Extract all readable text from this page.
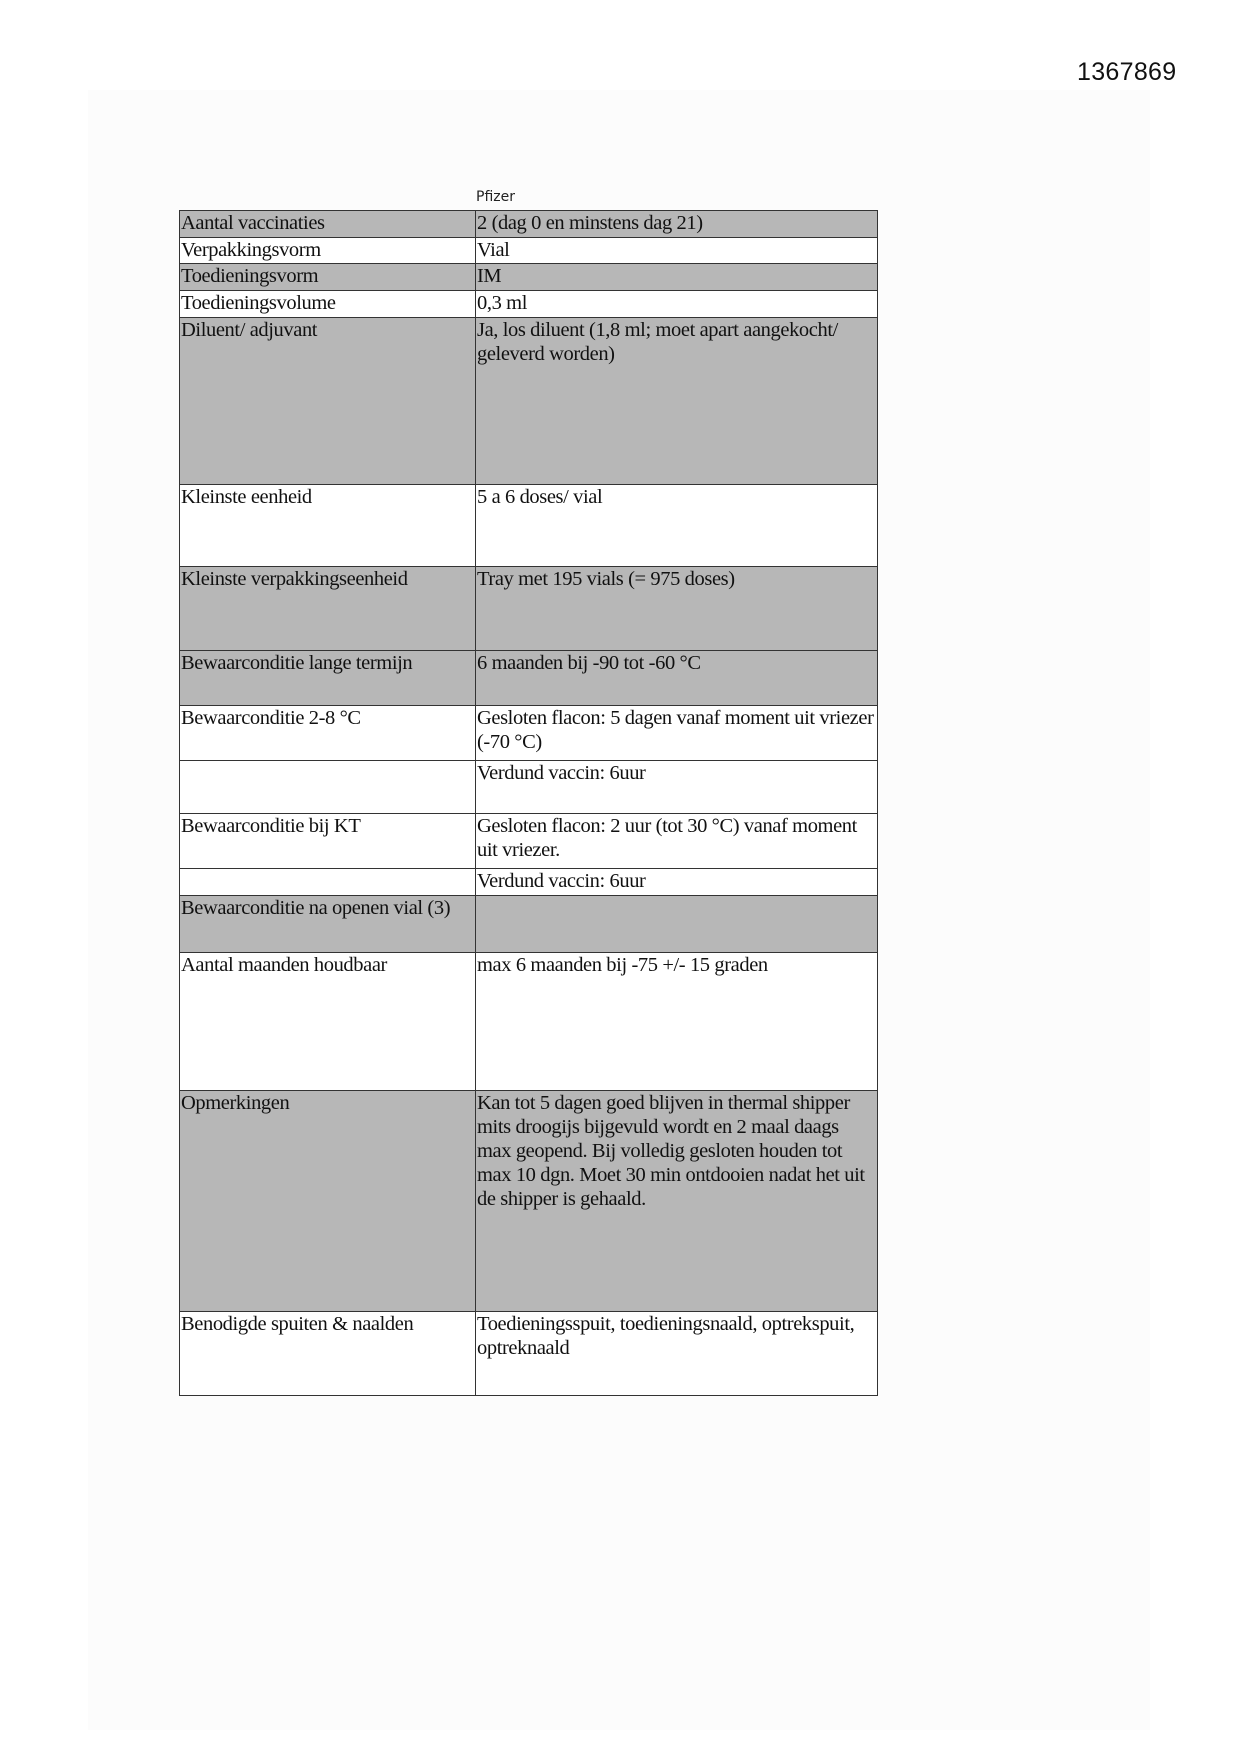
1367869
Pfizer
Aantal vaccinaties	2 (dag 0 en minstens dag 21)

Verpakkingsvorm	Vial

Toedieningsvorm	IM

Toedieningsvolume	0,3 ml

Diluent/ adjuvant	Ja, los diluent (1,8 ml; moet apart aangekocht/ geleverd worden)

Kleinste eenheid	5 a 6 doses/ vial

Kleinste verpakkingseenheid	Tray met 195 vials (= 975 doses)

Bewaarconditie lange termijn	6 maanden bij -90 tot -60 °C

Bewaarconditie 2-8 °C	Gesloten flacon: 5 dagen vanaf moment uit vriezer (-70 °C)

	Verdund vaccin: 6uur

Bewaarconditie bij KT	Gesloten flacon: 2 uur (tot 30 °C) vanaf moment uit vriezer.

	Verdund vaccin: 6uur

Bewaarconditie na openen vial (3)	

Aantal maanden houdbaar	max 6 maanden bij -75 +/- 15 graden

Opmerkingen	Kan tot 5 dagen goed blijven in thermal shipper mits droogijs bijgevuld wordt en 2 maal daags max geopend. Bij volledig gesloten houden tot max 10 dgn. Moet 30 min ontdooien nadat het uit de shipper is gehaald.

Benodigde spuiten & naalden	Toedieningsspuit, toedieningsnaald, optrekspuit, optreknaald
